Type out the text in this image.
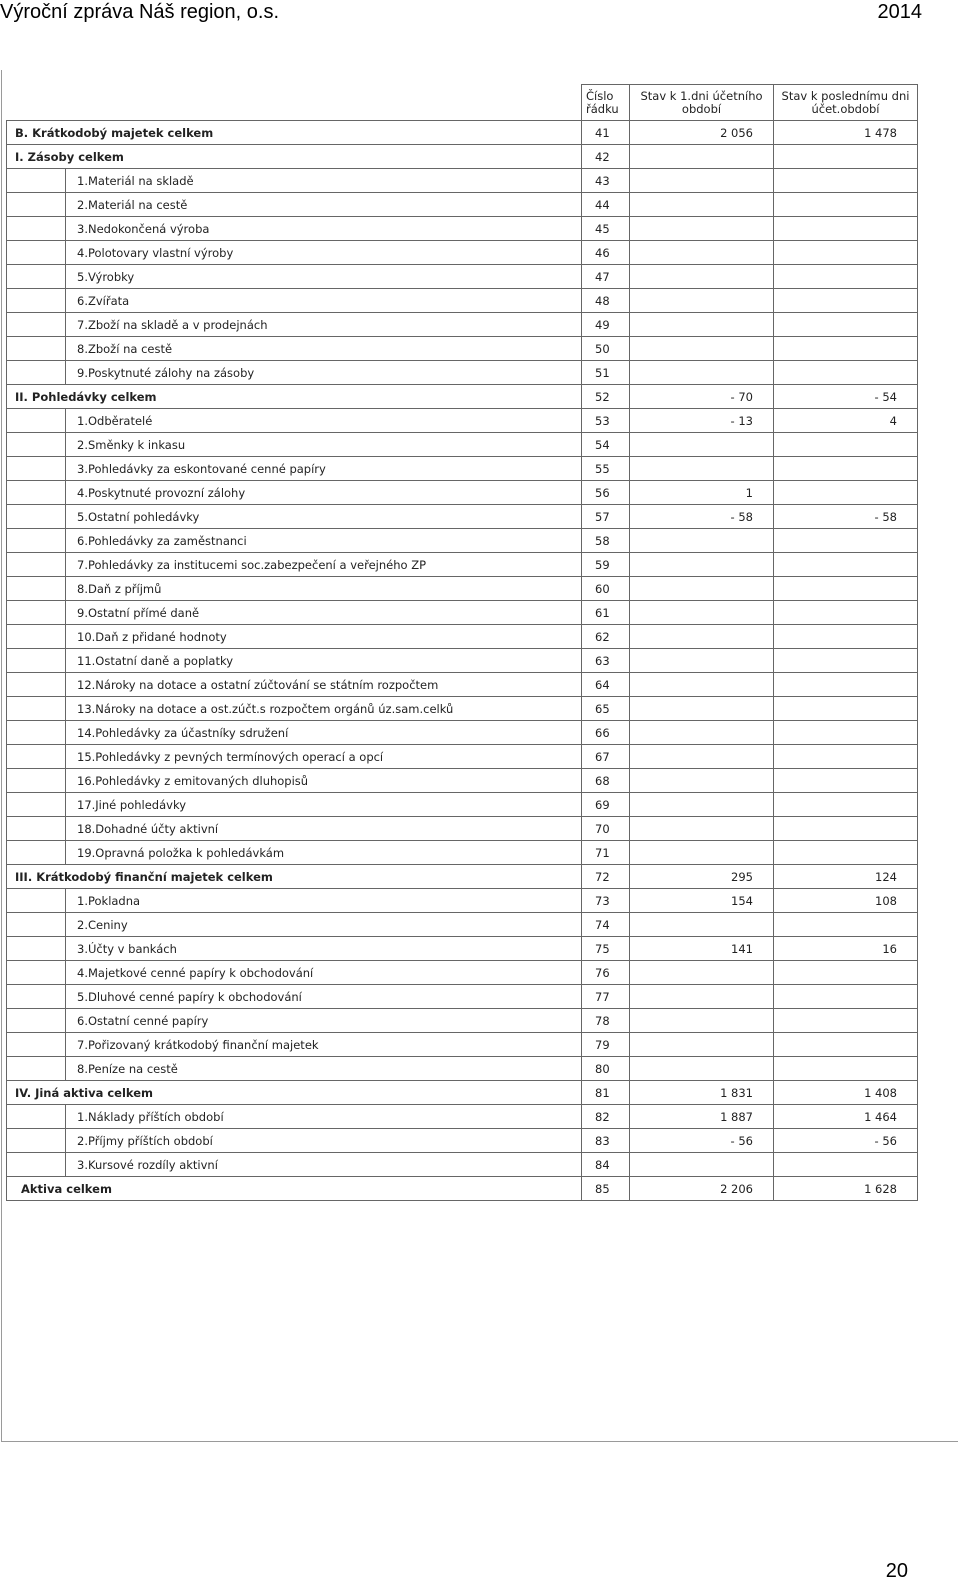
Výroční zpráva Náš region, o.s.	2014
	Číslo řádku	Stav k 1.dni účetního období	Stav k poslednímu dni účet.období
B. Krátkodobý majetek celkem	41	2 056	1 478
I. Zásoby celkem	42		

1.Materiál na skladě	43		

2.Materiál na cestě	44		

3.Nedokončená výroba	45		

4.Polotovary vlastní výroby	46		

5.Výrobky	47		

6.Zvířata	48		

7.Zboží na skladě a v prodejnách	49		

8.Zboží na cestě	50		

9.Poskytnuté zálohy na zásoby	51		
II. Pohledávky celkem	52	- 70	- 54

1.Odběratelé	53	- 13	4

2.Směnky k inkasu	54		

3.Pohledávky za eskontované cenné papíry	55		

4.Poskytnuté provozní zálohy	56	1	

5.Ostatní pohledávky	57	- 58	- 58

6.Pohledávky za zaměstnanci	58		

7.Pohledávky za institucemi soc.zabezpečení a veřejného ZP	59		

8.Daň z příjmů	60		

9.Ostatní přímé daně	61		

10.Daň z přidané hodnoty	62		

11.Ostatní daně a poplatky	63		

12.Nároky na dotace a ostatní zúčtování se státním rozpočtem	64		

13.Nároky na dotace a ost.zúčt.s rozpočtem orgánů úz.sam.celků	65		

14.Pohledávky za účastníky sdružení	66		

15.Pohledávky z pevných termínových operací a opcí	67		

16.Pohledávky z emitovaných dluhopisů	68		

17.Jiné pohledávky	69		

18.Dohadné účty aktivní	70		

19.Opravná položka k pohledávkám	71		
III. Krátkodobý finanční majetek celkem	72	295	124

1.Pokladna	73	154	108

2.Ceniny	74		

3.Účty v bankách	75	141	16

4.Majetkové cenné papíry k obchodování	76		

5.Dluhové cenné papíry k obchodování	77		

6.Ostatní cenné papíry	78		

7.Pořizovaný krátkodobý finanční majetek	79		

8.Peníze na cestě	80		
IV. Jiná aktiva celkem	81	1 831	1 408

1.Náklady příštích období	82	1 887	1 464

2.Příjmy příštích období	83	- 56	- 56

3.Kursové rozdíly aktivní	84		
Aktiva celkem	85	2 206	1 628
20
